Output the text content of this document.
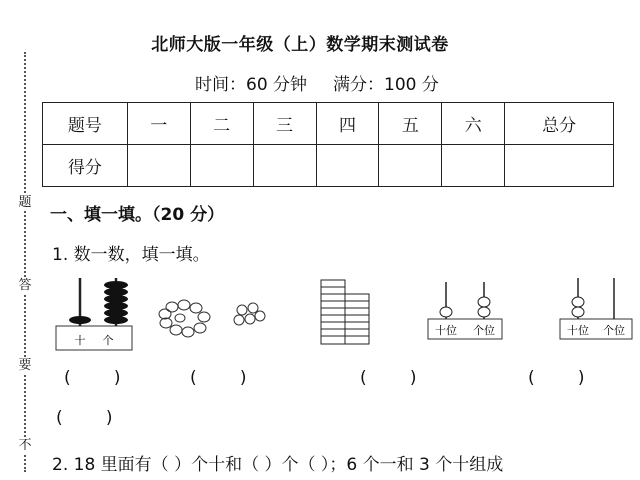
题
答
要
不
北师大版一年级（上）数学期末测试卷
时间：60 分钟 满分：100 分
题号	一	二	三	四	五	六	总分
得分							
一、填一填。（20 分）
1. 数一数，填一填。
十 个
十位 个位	十位 个位
(        )	(        )	(        )	(        )
(        )
2. 18 里面有（ ）个十和（ ）个（ ）；6 个一和 3 个十组成
